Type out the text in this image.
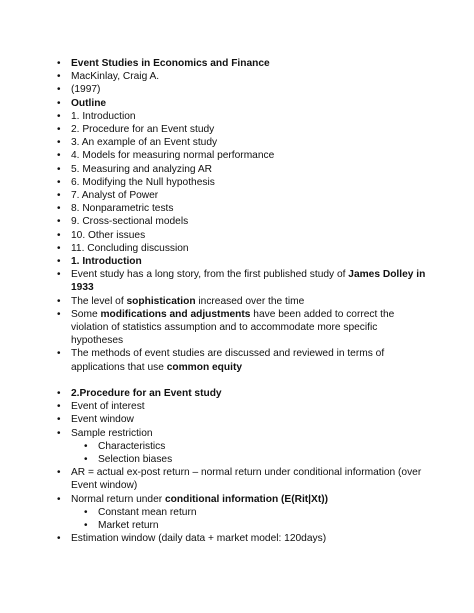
• Event Studies in Economics and Finance
• MacKinlay, Craig A.
• (1997)
• Outline
• 1. Introduction
• 2. Procedure for an Event study
• 3. An example of an Event study
• 4. Models for measuring normal performance
• 5. Measuring and analyzing AR
• 6. Modifying the Null hypothesis
• 7. Analyst of Power
• 8. Nonparametric tests
• 9. Cross-sectional models
• 10. Other issues
• 11. Concluding discussion
• 1. Introduction
• Event study has a long story, from the first published study of James Dolley in 1933
• The level of sophistication increased over the time
• Some modifications and adjustments have been added to correct the violation of statistics assumption and to accommodate more specific hypotheses
• The methods of event studies are discussed and reviewed in terms of applications that use common equity
• 2.Procedure for an Event study
• Event of interest
• Event window
• Sample restriction
• Characteristics
• Selection biases
• AR = actual ex-post return – normal return under conditional information (over Event window)
• Normal return under conditional information (E(Rit|Xt))
• Constant mean return
• Market return
• Estimation window (daily data + market model: 120days)
